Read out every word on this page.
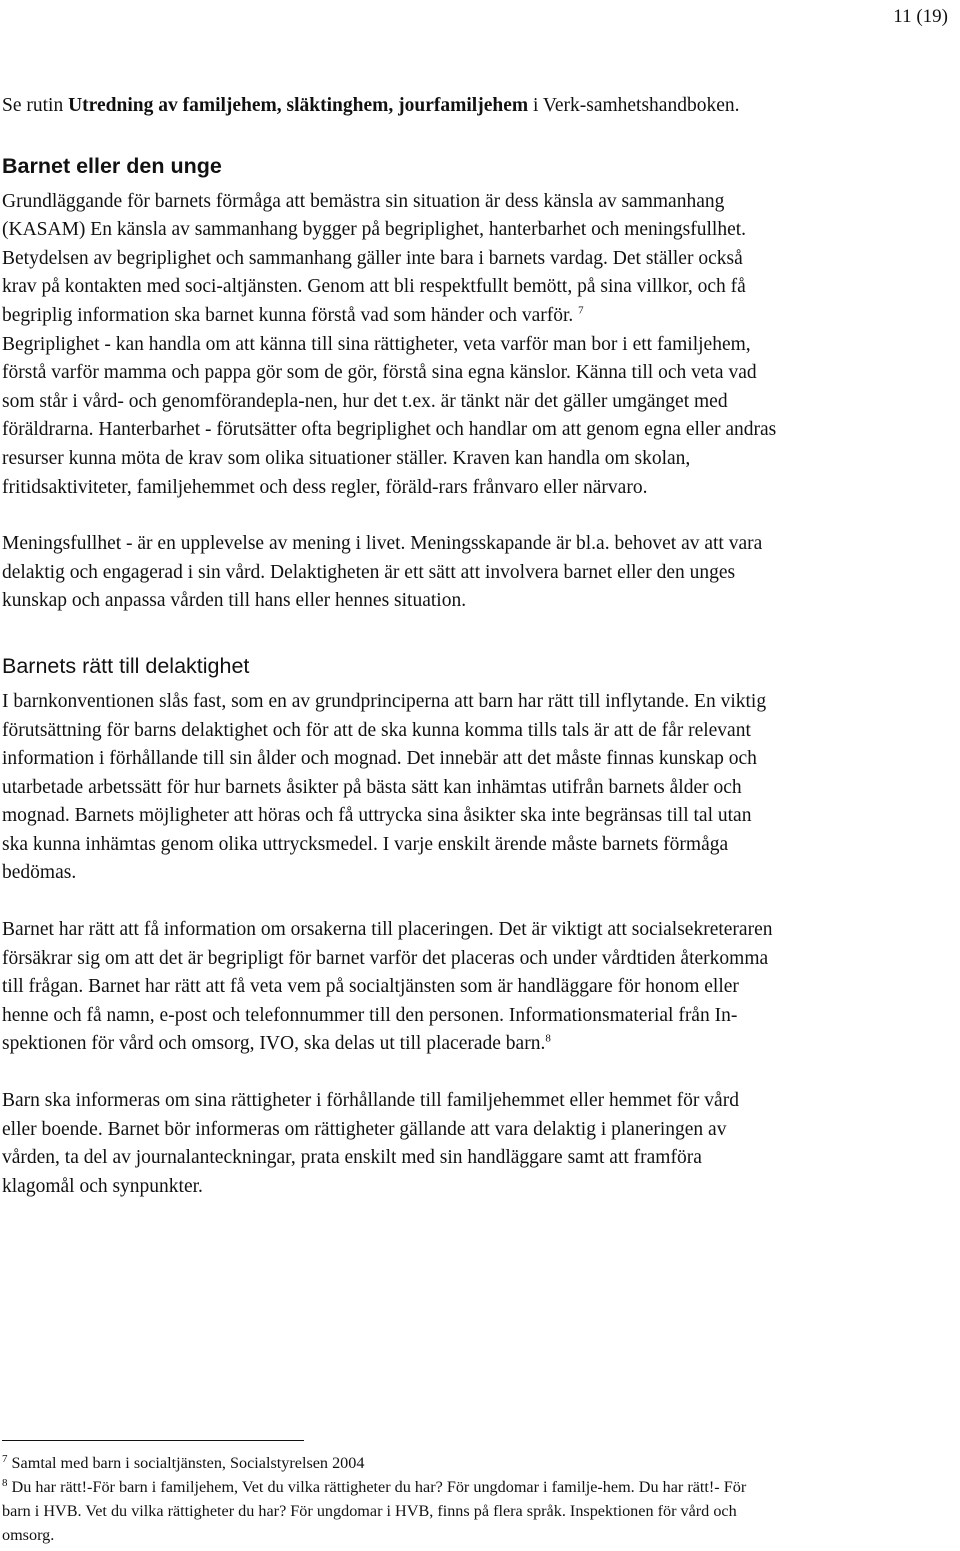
11 (19)

Se rutin Utredning av familjehem, släktinghem, jourfamiljehem i Verk-samhetshandboken.

Barnet eller den unge

Grundläggande för barnets förmåga att bemästra sin situation är dess känsla av sammanhang (KASAM) En känsla av sammanhang bygger på begriplighet, hanterbarhet och meningsfullhet. Betydelsen av begriplighet och sammanhang gäller inte bara i barnets vardag. Det ställer också krav på kontakten med soci-altjänsten. Genom att bli respektfullt bemött, på sina villkor, och få begriplig information ska barnet kunna förstå vad som händer och varför. $^7$
Begriplighet - kan handla om att känna till sina rättigheter, veta varför man bor i ett familjehem, förstå varför mamma och pappa gör som de gör, förstå sina egna känslor. Känna till och veta vad som står i vård- och genomförandepla-nen, hur det t.ex. är tänkt när det gäller umgänget med föräldrarna. Hanterbarhet - förutsätter ofta begriplighet och handlar om att genom egna eller andras resurser kunna möta de krav som olika situationer ställer. Kraven kan handla om skolan, fritidsaktiviteter, familjehemmet och dess regler, föräld-rars frånvaro eller närvaro.

Meningsfullhet - är en upplevelse av mening i livet. Meningsskapande är bl.a. behovet av att vara delaktig och engagerad i sin vård. Delaktigheten är ett sätt att involvera barnet eller den unges kunskap och anpassa vården till hans eller hennes situation.

Barnets rätt till delaktighet

I barnkonventionen slås fast, som en av grundprinciperna att barn har rätt till inflytande. En viktig förutsättning för barns delaktighet och för att de ska kunna komma tills tals är att de får relevant information i förhållande till sin ålder och mognad. Det innebär att det måste finnas kunskap och utarbetade arbetssätt för hur barnets åsikter på bästa sätt kan inhämtas utifrån barnets ålder och mognad. Barnets möjligheter att höras och få uttrycka sina åsikter ska inte begränsas till tal utan ska kunna inhämtas genom olika uttrycksmedel. I varje enskilt ärende måste barnets förmåga bedömas.

Barnet har rätt att få information om orsakerna till placeringen. Det är viktigt att socialsekreteraren försäkrar sig om att det är begripligt för barnet varför det placeras och under vårdtiden återkomma till frågan. Barnet har rätt att få veta vem på socialtjänsten som är handläggare för honom eller henne och få namn, e-post och telefonnummer till den personen. Informationsmaterial från In-spektionen för vård och omsorg, IVO, ska delas ut till placerade barn.$^8$

Barn ska informeras om sina rättigheter i förhållande till familjehemmet eller hemmet för vård eller boende. Barnet bör informeras om rättigheter gällande att vara delaktig i planeringen av vården, ta del av journalanteckningar, prata enskilt med sin handläggare samt att framföra klagomål och synpunkter.

$^7$ Samtal med barn i socialtjänsten, Socialstyrelsen 2004

$^8$ Du har rätt!-För barn i familjehem, Vet du vilka rättigheter du har? För ungdomar i familje-hem. Du har rätt!- För barn i HVB. Vet du vilka rättigheter du har? För ungdomar i HVB, finns på flera språk. Inspektionen för vård och omsorg.
